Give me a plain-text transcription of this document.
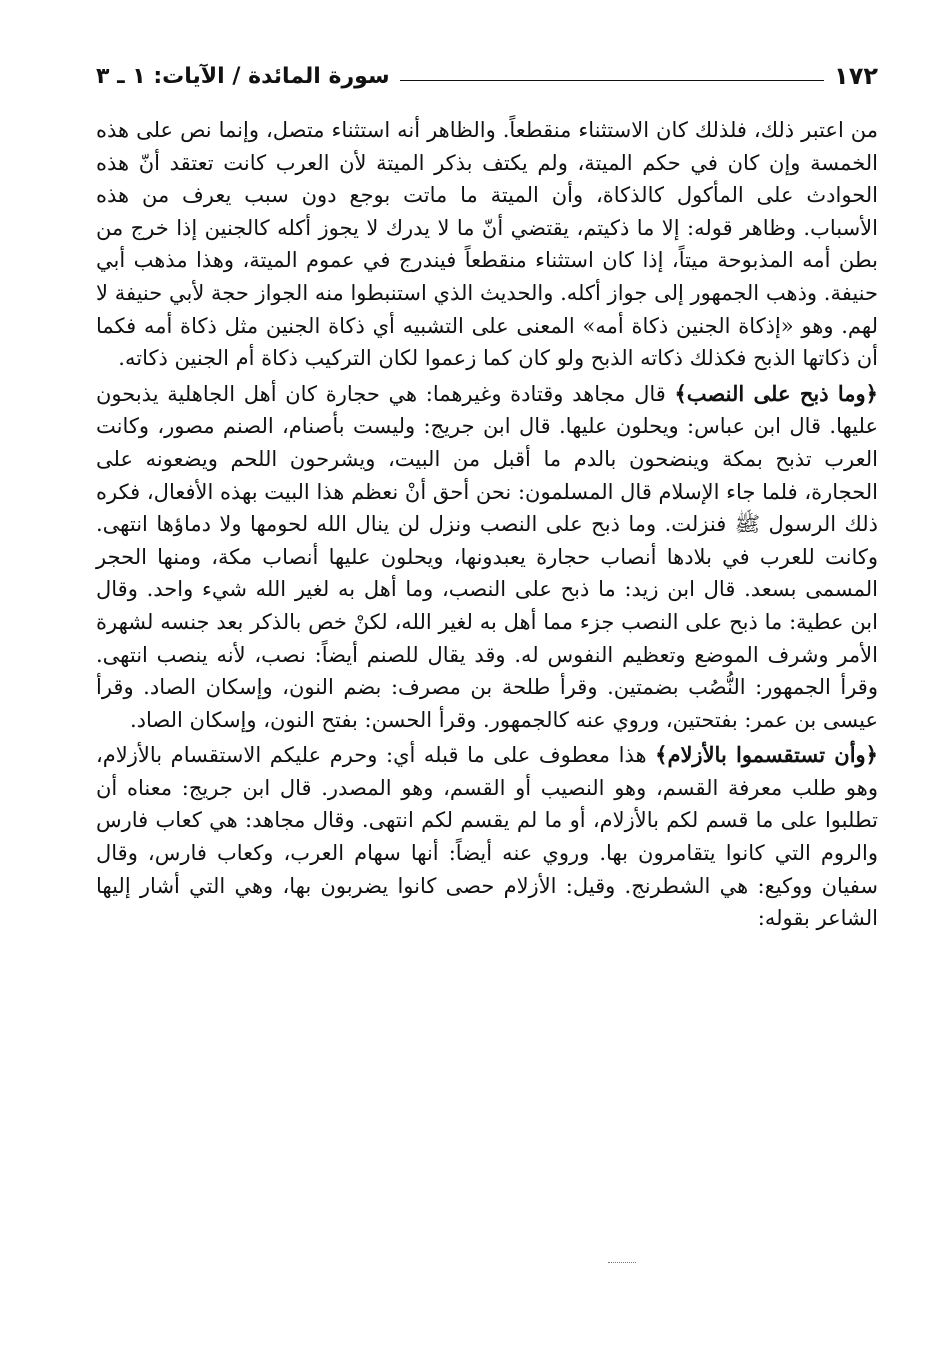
١٧٢
سورة المائدة / الآيات: ١ ـ ٣

من اعتبر ذلك، فلذلك كان الاستثناء منقطعاً. والظاهر أنه استثناء متصل، وإنما نص على هذه الخمسة وإن كان في حكم الميتة، ولم يكتف بذكر الميتة لأن العرب كانت تعتقد أنّ هذه الحوادث على المأكول كالذكاة، وأن الميتة ما ماتت بوجع دون سبب يعرف من هذه الأسباب. وظاهر قوله: إلا ما ذكيتم، يقتضي أنّ ما لا يدرك لا يجوز أكله كالجنين إذا خرج من بطن أمه المذبوحة ميتاً، إذا كان استثناء منقطعاً فيندرج في عموم الميتة، وهذا مذهب أبي حنيفة. وذهب الجمهور إلى جواز أكله. والحديث الذي استنبطوا منه الجواز حجة لأبي حنيفة لا لهم. وهو «إذكاة الجنين ذكاة أمه» المعنى على التشبيه أي ذكاة الجنين مثل ذكاة أمه فكما أن ذكاتها الذبح فكذلك ذكاته الذبح ولو كان كما زعموا لكان التركيب ذكاة أم الجنين ذكاته.

﴿وما ذبح على النصب﴾ قال مجاهد وقتادة وغيرهما: هي حجارة كان أهل الجاهلية يذبحون عليها. قال ابن عباس: ويحلون عليها. قال ابن جريج: وليست بأصنام، الصنم مصور، وكانت العرب تذبح بمكة وينضحون بالدم ما أقبل من البيت، ويشرحون اللحم ويضعونه على الحجارة، فلما جاء الإسلام قال المسلمون: نحن أحق أنْ نعظم هذا البيت بهذه الأفعال، فكره ذلك الرسول ﷺ فنزلت. وما ذبح على النصب ونزل لن ينال الله لحومها ولا دماؤها انتهى. وكانت للعرب في بلادها أنصاب حجارة يعبدونها، ويحلون عليها أنصاب مكة، ومنها الحجر المسمى بسعد. قال ابن زيد: ما ذبح على النصب، وما أهل به لغير الله شيء واحد. وقال ابن عطية: ما ذبح على النصب جزء مما أهل به لغير الله، لكنْ خص بالذكر بعد جنسه لشهرة الأمر وشرف الموضع وتعظيم النفوس له. وقد يقال للصنم أيضاً: نصب، لأنه ينصب انتهى. وقرأ الجمهور: النُّصُب بضمتين. وقرأ طلحة بن مصرف: بضم النون، وإسكان الصاد. وقرأ عيسى بن عمر: بفتحتين، وروي عنه كالجمهور. وقرأ الحسن: بفتح النون، وإسكان الصاد.

﴿وأن تستقسموا بالأزلام﴾ هذا معطوف على ما قبله أي: وحرم عليكم الاستقسام بالأزلام، وهو طلب معرفة القسم، وهو النصيب أو القسم، وهو المصدر. قال ابن جريج: معناه أن تطلبوا على ما قسم لكم بالأزلام، أو ما لم يقسم لكم انتهى. وقال مجاهد: هي كعاب فارس والروم التي كانوا يتقامرون بها. وروي عنه أيضاً: أنها سهام العرب، وكعاب فارس، وقال سفيان ووكيع: هي الشطرنج. وقيل: الأزلام حصى كانوا يضربون بها، وهي التي أشار إليها الشاعر بقوله:
